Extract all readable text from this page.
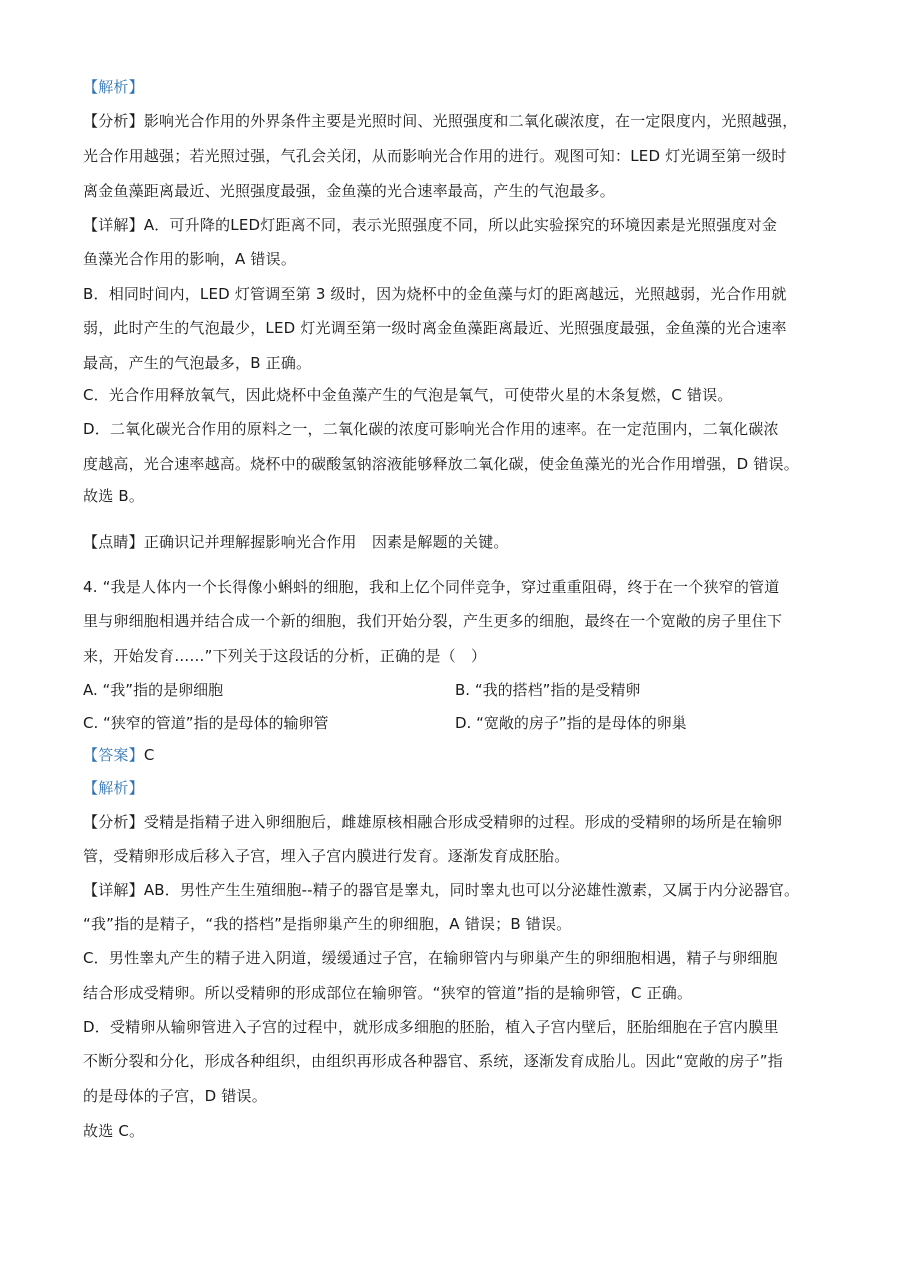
【解析】
【分析】影响光合作用的外界条件主要是光照时间、光照强度和二氧化碳浓度，在一定限度内，光照越强，
光合作用越强；若光照过强，气孔会关闭，从而影响光合作用的进行。观图可知：LED 灯光调至第一级时
离金鱼藻距离最近、光照强度最强，金鱼藻的光合速率最高，产生的气泡最多。
【详解】A．可升降的LED灯距离不同，表示光照强度不同，所以此实验探究的环境因素是光照强度对金
鱼藻光合作用的影响，A 错误。
B．相同时间内，LED 灯管调至第 3 级时，因为烧杯中的金鱼藻与灯的距离越远，光照越弱，光合作用就
弱，此时产生的气泡最少，LED 灯光调至第一级时离金鱼藻距离最近、光照强度最强，金鱼藻的光合速率
最高，产生的气泡最多，B 正确。
C．光合作用释放氧气，因此烧杯中金鱼藻产生的气泡是氧气，可使带火星的木条复燃，C 错误。
D．二氧化碳光合作用的原料之一，二氧化碳的浓度可影响光合作用的速率。在一定范围内，二氧化碳浓
度越高，光合速率越高。烧杯中的碳酸氢钠溶液能够释放二氧化碳，使金鱼藻光的光合作用增强，D 错误。
故选 B。
【点睛】正确识记并理解握影响光合作用　因素是解题的关键。
4. “我是人体内一个长得像小蝌蚪的细胞，我和上亿个同伴竞争，穿过重重阻碍，终于在一个狭窄的管道
里与卵细胞相遇并结合成一个新的细胞，我们开始分裂，产生更多的细胞，最终在一个宽敞的房子里住下
来，开始发育……”下列关于这段话的分析，正确的是（　）
A. “我”指的是卵细胞	B. “我的搭档”指的是受精卵
C. “狭窄的管道”指的是母体的输卵管	D. “宽敞的房子”指的是母体的卵巢
【答案】C
【解析】
【分析】受精是指精子进入卵细胞后，雌雄原核相融合形成受精卵的过程。形成的受精卵的场所是在输卵
管，受精卵形成后移入子宫，埋入子宫内膜进行发育。逐渐发育成胚胎。
【详解】AB．男性产生生殖细胞--精子的器官是睾丸，同时睾丸也可以分泌雄性激素，又属于内分泌器官。
“我”指的是精子，“我的搭档”是指卵巢产生的卵细胞，A 错误；B 错误。
C．男性睾丸产生的精子进入阴道，缓缓通过子宫，在输卵管内与卵巢产生的卵细胞相遇，精子与卵细胞
结合形成受精卵。所以受精卵的形成部位在输卵管。“狭窄的管道”指的是输卵管，C 正确。
D．受精卵从输卵管进入子宫的过程中，就形成多细胞的胚胎，植入子宫内壁后，胚胎细胞在子宫内膜里
不断分裂和分化，形成各种组织，由组织再形成各种器官、系统，逐渐发育成胎儿。因此“宽敞的房子”指
的是母体的子宫，D 错误。
故选 C。
